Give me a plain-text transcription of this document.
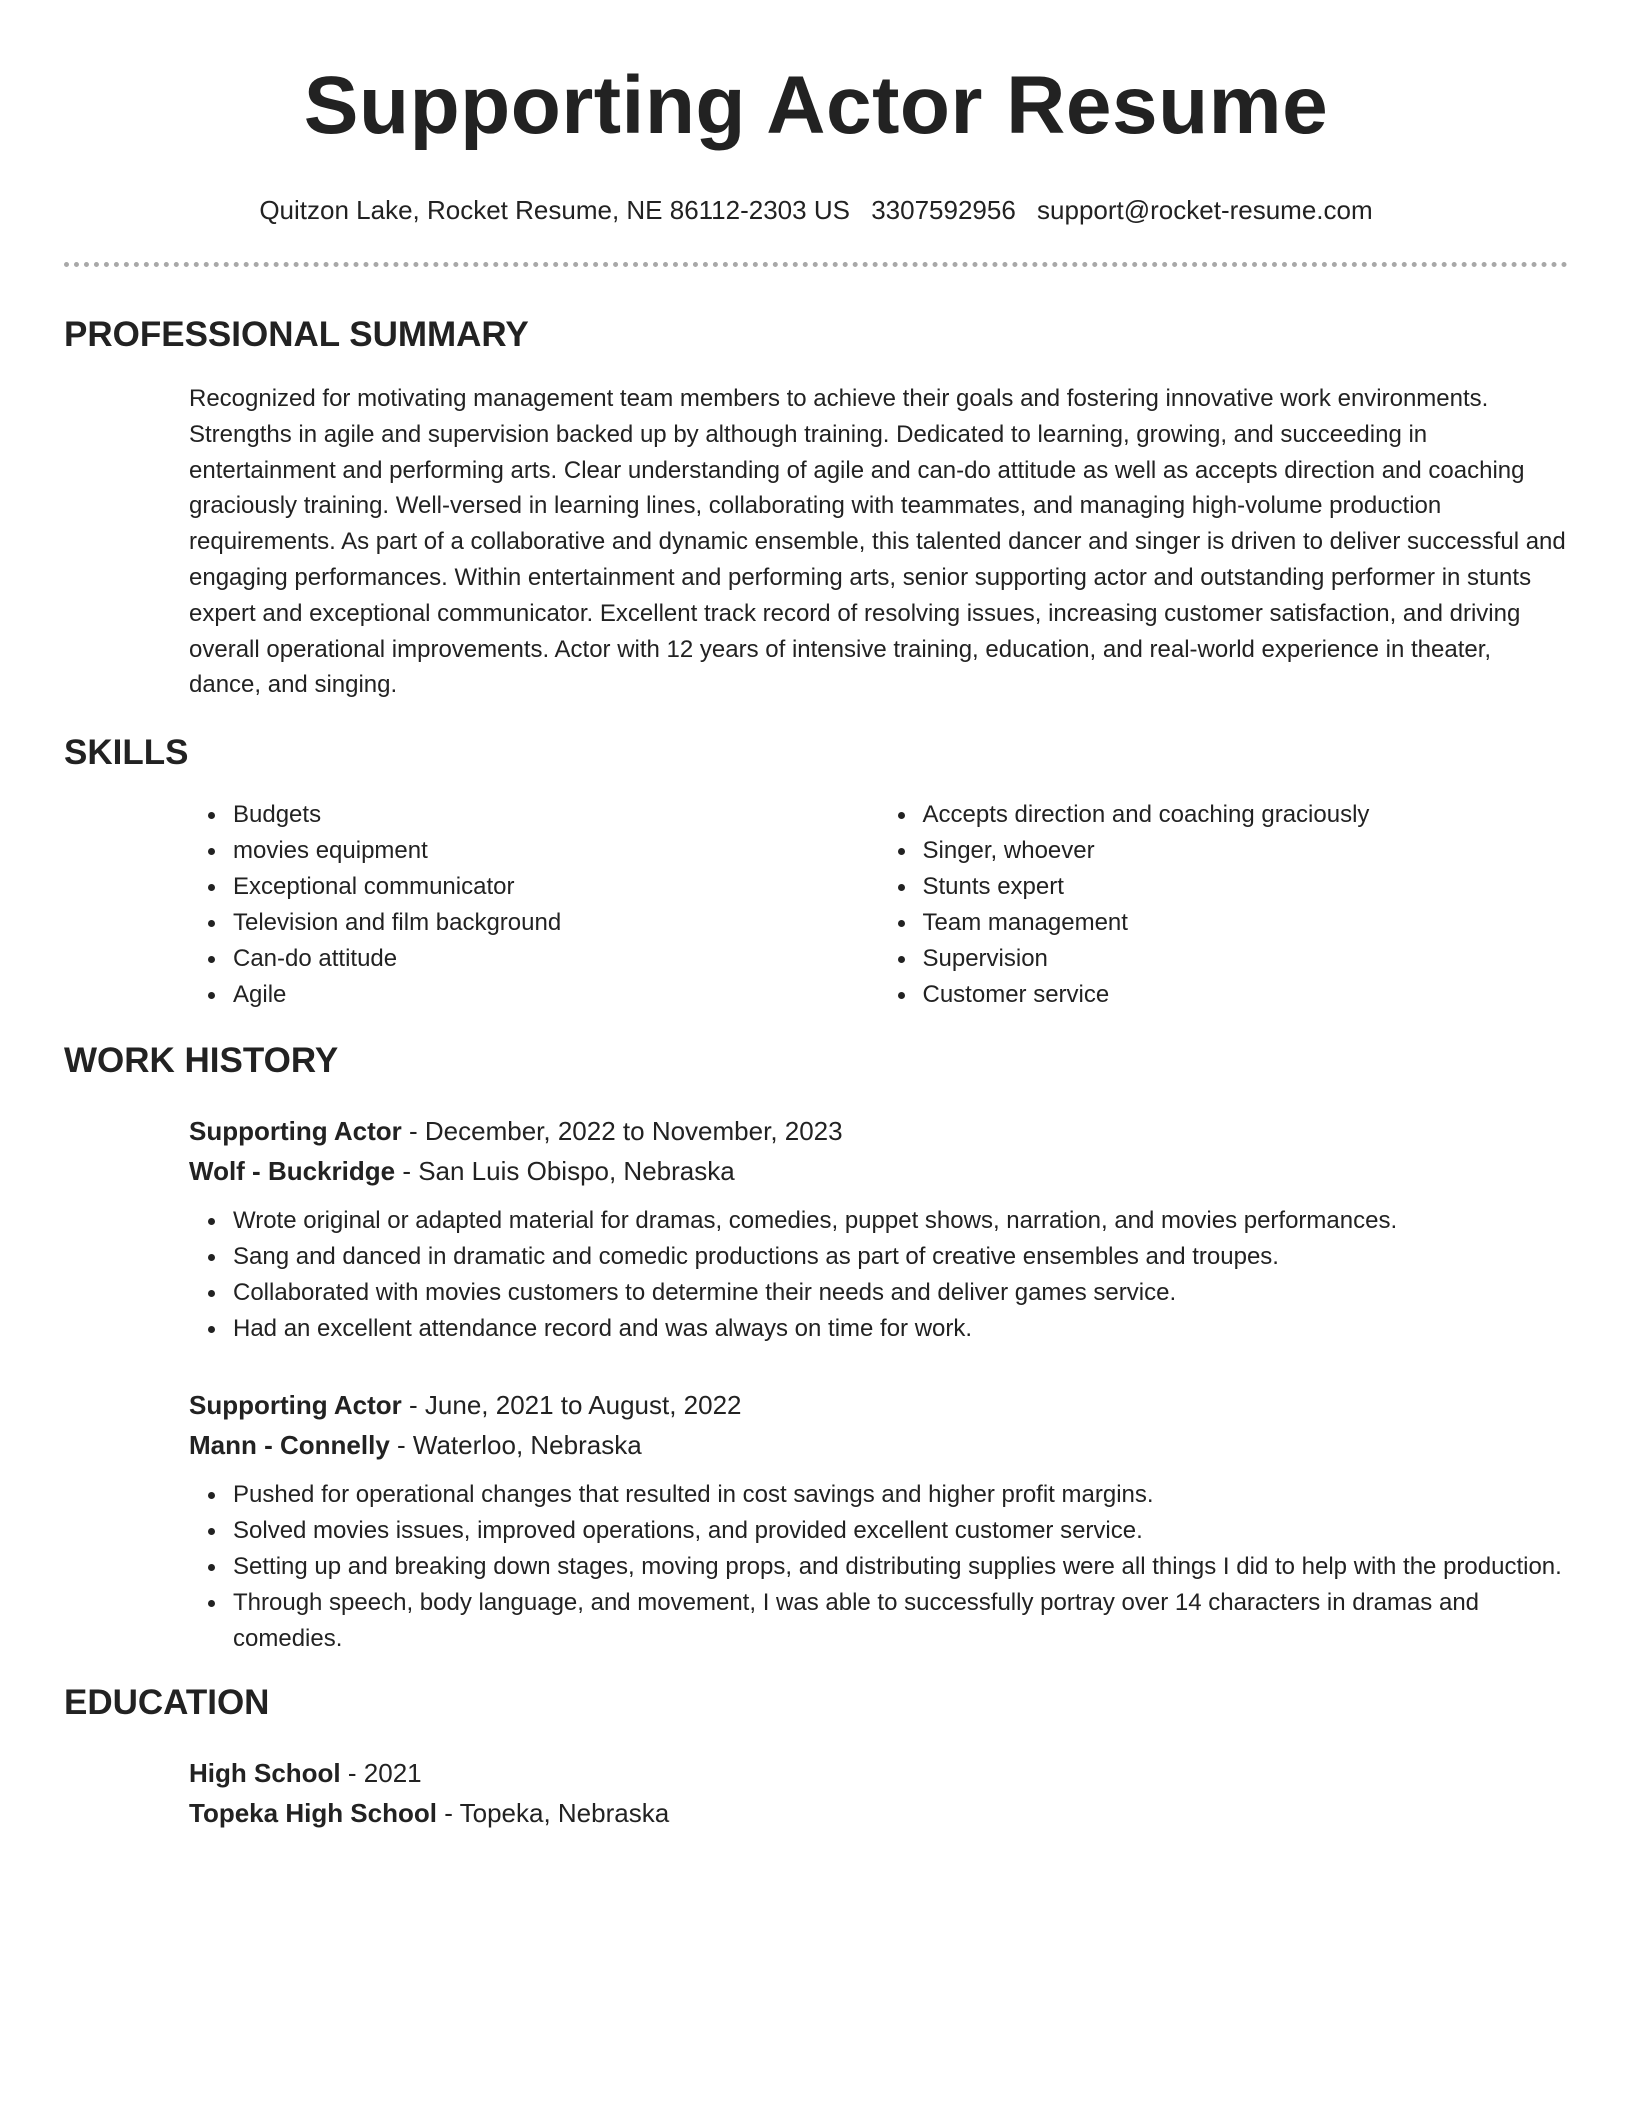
Supporting Actor Resume
Quitzon Lake, Rocket Resume, NE 86112-2303 US 3307592956 support@rocket-resume.com
PROFESSIONAL SUMMARY

Recognized for motivating management team members to achieve their goals and fostering innovative work environments. Strengths in agile and supervision backed up by although training. Dedicated to learning, growing, and succeeding in entertainment and performing arts. Clear understanding of agile and can-do attitude as well as accepts direction and coaching graciously training. Well-versed in learning lines, collaborating with teammates, and managing high-volume production requirements. As part of a collaborative and dynamic ensemble, this talented dancer and singer is driven to deliver successful and engaging performances. Within entertainment and performing arts, senior supporting actor and outstanding performer in stunts expert and exceptional communicator. Excellent track record of resolving issues, increasing customer satisfaction, and driving overall operational improvements. Actor with 12 years of intensive training, education, and real-world experience in theater, dance, and singing.

SKILLS
Budgets
movies equipment
Exceptional communicator
Television and film background
Can-do attitude
Agile
Accepts direction and coaching graciously
Singer, whoever
Stunts expert
Team management
Supervision
Customer service
WORK HISTORY
Supporting Actor - December, 2022 to November, 2023
Wolf - Buckridge - San Luis Obispo, Nebraska
Wrote original or adapted material for dramas, comedies, puppet shows, narration, and movies performances.
Sang and danced in dramatic and comedic productions as part of creative ensembles and troupes.
Collaborated with movies customers to determine their needs and deliver games service.
Had an excellent attendance record and was always on time for work.
Supporting Actor - June, 2021 to August, 2022
Mann - Connelly - Waterloo, Nebraska
Pushed for operational changes that resulted in cost savings and higher profit margins.
Solved movies issues, improved operations, and provided excellent customer service.
Setting up and breaking down stages, moving props, and distributing supplies were all things I did to help with the production.
Through speech, body language, and movement, I was able to successfully portray over 14 characters in dramas and comedies.
EDUCATION
High School - 2021
Topeka High School - Topeka, Nebraska
